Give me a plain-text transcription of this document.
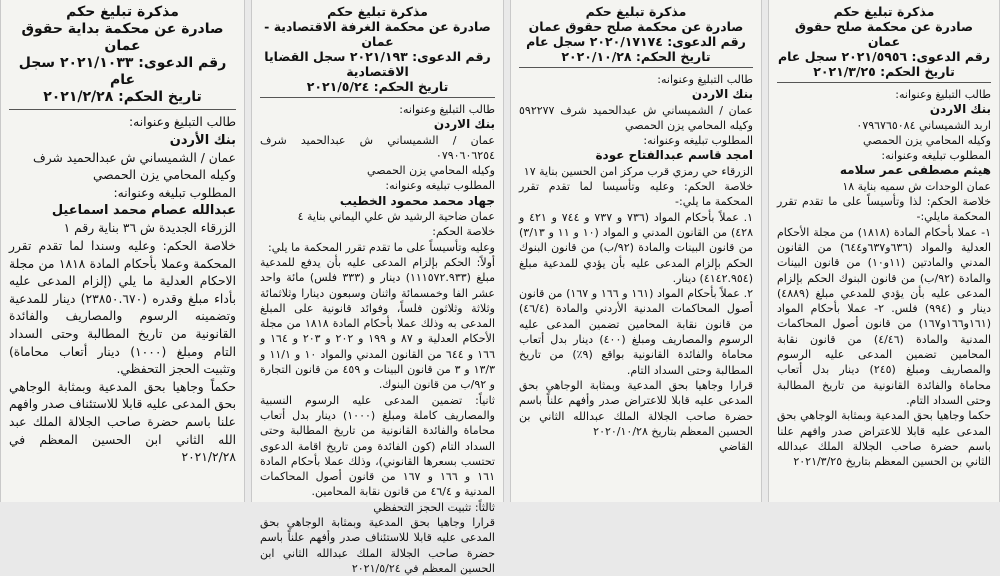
مذكرة تبليغ حكم
صادرة عن محكمة بداية حقوق عمان
رقم الدعوى: ٢٠٢١/١٠٣٣ سجل عام
تاريخ الحكم: ٢٠٢١/٢/٢٨

طالب التبليغ وعنوانه:

بنك الأردن

عمان / الشميساني ش عبدالحميد شرف

وكيله المحامي يزن الحمصي

المطلوب تبليغه وعنوانه:

عبدالله عصام محمد اسماعيل

الزرقاء الجديدة ش ٣٦ بناية رقم ١

خلاصة الحكم: وعليه وسندا لما تقدم تقرر المحكمة وعملا بأحكام المادة ١٨١٨ من مجلة الاحكام العدلية ما يلي (إلزام المدعى عليه بأداء مبلغ وقدره (٢٣٨٥٠.٦٧٠) دينار للمدعية وتضمينه الرسوم والمصاريف والفائدة القانونية من تاريخ المطالبة وحتى السداد التام ومبلغ (١٠٠٠) دينار أتعاب محاماة) وتثبيت الحجز التحفظي.

حكماً وجاهيا بحق المدعية وبمثابة الوجاهي بحق المدعى عليه قابلا للاستئناف صدر وافهم علنا باسم حضرة صاحب الجلالة الملك عبد الله الثاني ابن الحسين المعظم في ٢٠٢١/٢/٢٨

مذكرة تبليغ حكم
صادرة عن محكمة الغرفة الاقتصادية - عمان
رقم الدعوى: ٢٠٢١/١٩٣ سجل القضايا الاقتصادية
تاريخ الحكم: ٢٠٢١/٥/٢٤

طالب التبليغ وعنوانه:

بنك الاردن

عمان / الشميساني ش عبدالحميد شرف ٠٧٩٠٦٠٦٢٥٤

وكيله المحامي يزن الحمصي

المطلوب تبليغه وعنوانه:

جهاد محمد محمود الخطيب

عمان ضاحية الرشيد ش علي اليماني بناية ٤

خلاصة الحكم:

وعليه وتأسيساً على ما تقدم تقرر المحكمة ما يلي:

أولاً: الحكم بإلزام المدعى عليه بأن يدفع للمدعية مبلغ (١١١٥٧٢.٩٣٣) دينار و (٣٣٣ فلس) مائة واحد عشر الفا وخمسمائة واثنان وسبعون دينارا وثلاثمائة وثلاثة وثلاثون فلساً، وفوائد قانونية على المبلغ المدعى به وذلك عملا بأحكام المادة ١٨١٨ من مجلة الأحكام العدلية و ٨٧ و ١٩٩ و ٢٠٢ و ٢٠٣ و ١٦٤ و ١٦٦ و ٦٤٤ من القانون المدني والمواد ١٠ و ١١/١ و ١٣/٣ و ٣ من قانون البينات و ٤٥٩ من قانون التجارة و ٩٢/ب من قانون البنوك.

ثانياً: تضمين المدعى عليه الرسوم النسبية والمصاريف كاملة ومبلغ (١٠٠٠) دينار بدل أتعاب محاماة والفائدة القانونية من تاريخ المطالبة وحتى السداد التام (كون الفائدة ومن تاريخ اقامة الدعوى تحتسب بسعرها القانوني)، وذلك عملا بأحكام المادة ١٦١ و ١٦٦ و ١٦٧ من قانون أصول المحاكمات المدنية و ٤٦/٤ من قانون نقابة المحامين.

ثالثاً: تثبيت الحجز التحفظي

قرارا وجاهيا بحق المدعية وبمثابة الوجاهي بحق المدعى عليه قابلا للاستئناف صدر وأفهم علناً باسم حضرة صاحب الجلالة الملك عبدالله الثاني ابن الحسين المعظم في ٢٠٢١/٥/٢٤

مذكرة تبليغ حكم
صادرة عن محكمة صلح حقوق عمان
رقم الدعوى: ٢٠٢٠/١٧١٧٤ سجل عام
تاريخ الحكم: ٢٠٢٠/١٠/٢٨

طالب التبليغ وعنوانه:

بنك الاردن

عمان / الشميساني ش عبدالحميد شرف ٥٩٢٢٧٧ وكيله المحامي يزن الحمصي

المطلوب تبليغه وعنوانه:

امجد قاسم عبدالفتاح عودة

الزرقاء حي رمزي قرب مركز امن الحسين بناية ١٧

خلاصة الحكم: وعليه وتأسيسا لما تقدم تقرر المحكمة ما يلي:-

١. عملاً بأحكام المواد (٧٣٦ و ٧٣٧ و ٧٤٤ و ٤٢١ و ٤٢٨) من القانون المدني و المواد (١٠ و ١١ و ٣/١٣) من قانون البينات والمادة (٩٢/ب) من قانون البنوك الحكم بإلزام المدعى عليه بأن يؤدي للمدعية مبلغ (٤١٤٢.٩٥٤) دينار.

٢. عملاً بأحكام المواد (١٦١ و ١٦٦ و ١٦٧) من قانون أصول المحاكمات المدنية الأردني والمادة (٤٦/٤) من قانون نقابة المحامين تضمين المدعى عليه الرسوم والمصاريف ومبلغ (٤٠٠) دينار بدل أتعاب محاماة والفائدة القانونية بواقع (٩٪) من تاريخ المطالبة وحتى السداد التام.

قرارا وجاهيا بحق المدعية وبمثابة الوجاهي بحق المدعى عليه قابلا للاعتراض صدر وأفهم علناً باسم حضرة صاحب الجلالة الملك عبدالله الثاني بن الحسين المعظم بتاريخ ٢٠٢٠/١٠/٢٨

القاضي

مذكرة تبليغ حكم
صادرة عن محكمة صلح حقوق عمان
رقم الدعوى: ٢٠٢١/٥٩٥٦ سجل عام
تاريخ الحكم: ٢٠٢١/٣/٢٥

طالب التبليغ وعنوانه:

بنك الاردن

اربد الشميساني ٠٧٩٦٧٦٥٠٨٤

وكيله المحامي يزن الحمصي

المطلوب تبليغه وعنوانه:

هيثم مصطفى عمر سلامه

عمان الوحدات ش سميه بناية ١٨

خلاصة الحكم: لذا وتأسيساً على ما تقدم تقرر المحكمة مايلي:-

١- عملا بأحكام المادة (١٨١٨) من مجلة الأحكام العدلية والمواد (٦٣٦و٦٣٧و٦٤٤) من القانون المدني والمادتين (١١و١٠) من قانون البينات والمادة (٩٢/ب) من قانون البنوك الحكم بإلزام المدعى عليه بأن يؤدي للمدعي مبلغ (٤٨٨٩) دينار و (٩٩٤) فلس. ٢- عملا بأحكام المواد (١٦١و١٦٦و١٦٧) من قانون أصول المحاكمات المدنية والمادة (٤/٤٦) من قانون نقابة المحامين تضمين المدعى عليه الرسوم والمصاريف ومبلغ (٢٤٥) دينار بدل أتعاب محاماة والفائدة القانونية من تاريخ المطالبة وحتى السداد التام.

حكما وجاهيا بحق المدعية وبمثابة الوجاهي بحق المدعى عليه قابلا للاعتراض صدر وافهم علنا باسم حضرة صاحب الجلالة الملك عبدالله الثاني بن الحسين المعظم بتاريخ ٢٠٢١/٣/٢٥
